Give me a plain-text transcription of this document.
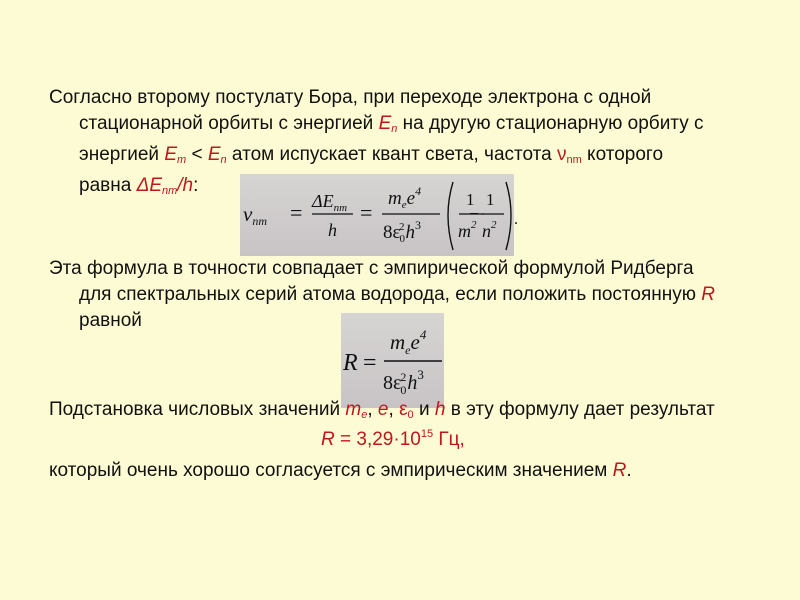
Согласно второму постулату Бора, при переходе электрона с одной
стационарной орбиты с энергией $E_n$ на другую стационарную орбиту с
энергией $E_m < E_n$ атом испускает квант света, частота $\nu_{nm}$ которого
равна $\Delta E_{nm}/h$:

vnm = $\Delta E_{nm}$
h
=
$m_ee^4$
$8\varepsilon 02h^3$
1
$m^2$
−
1
$n^2$ .

Эта формула в точности совпадает с эмпирической формулой Ридберга
для спектральных серий атома водорода, если положить постоянную R
равной

R =
$m_ee^4$
$8\varepsilon 02h^3$

Подстановка числовых значений $m_e$, e, $\varepsilon_0$ и h в эту формулу дает результат

$R = 3,29\cdot 10^{15}$ Гц,

который очень хорошо согласуется с эмпирическим значением R.
